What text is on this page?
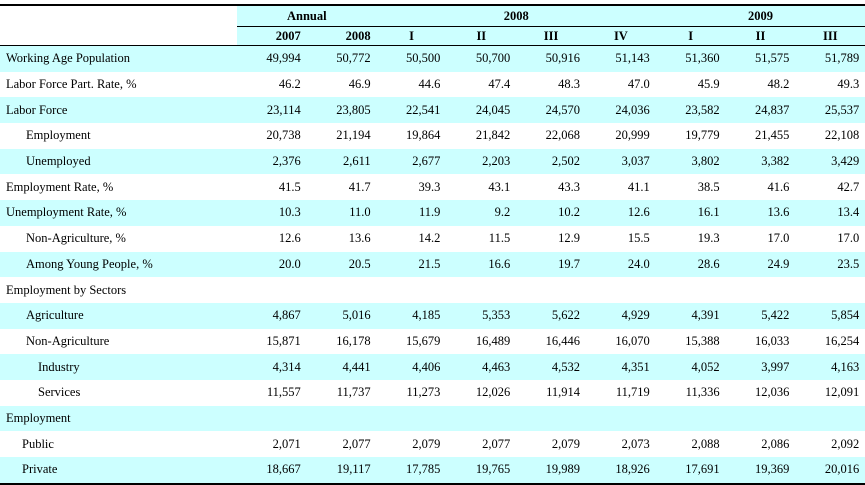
	Annual		2008				2009		
	2007	2008	I	II	III	IV	I	II	III
Working Age Population	49,994	50,772	50,500	50,700	50,916	51,143	51,360	51,575	51,789
Labor Force Part. Rate, %	46.2	46.9	44.6	47.4	48.3	47.0	45.9	48.2	49.3
Labor Force	23,114	23,805	22,541	24,045	24,570	24,036	23,582	24,837	25,537
Employment	20,738	21,194	19,864	21,842	22,068	20,999	19,779	21,455	22,108
Unemployed	2,376	2,611	2,677	2,203	2,502	3,037	3,802	3,382	3,429
Employment Rate, %	41.5	41.7	39.3	43.1	43.3	41.1	38.5	41.6	42.7
Unemployment Rate, %	10.3	11.0	11.9	9.2	10.2	12.6	16.1	13.6	13.4
Non-Agriculture, %	12.6	13.6	14.2	11.5	12.9	15.5	19.3	17.0	17.0
Among Young People, %	20.0	20.5	21.5	16.6	19.7	24.0	28.6	24.9	23.5
Employment by Sectors									
Agriculture	4,867	5,016	4,185	5,353	5,622	4,929	4,391	5,422	5,854
Non-Agriculture	15,871	16,178	15,679	16,489	16,446	16,070	15,388	16,033	16,254
Industry	4,314	4,441	4,406	4,463	4,532	4,351	4,052	3,997	4,163
Services	11,557	11,737	11,273	12,026	11,914	11,719	11,336	12,036	12,091
Employment									
Public	2,071	2,077	2,079	2,077	2,079	2,073	2,088	2,086	2,092
Private	18,667	19,117	17,785	19,765	19,989	18,926	17,691	19,369	20,016
